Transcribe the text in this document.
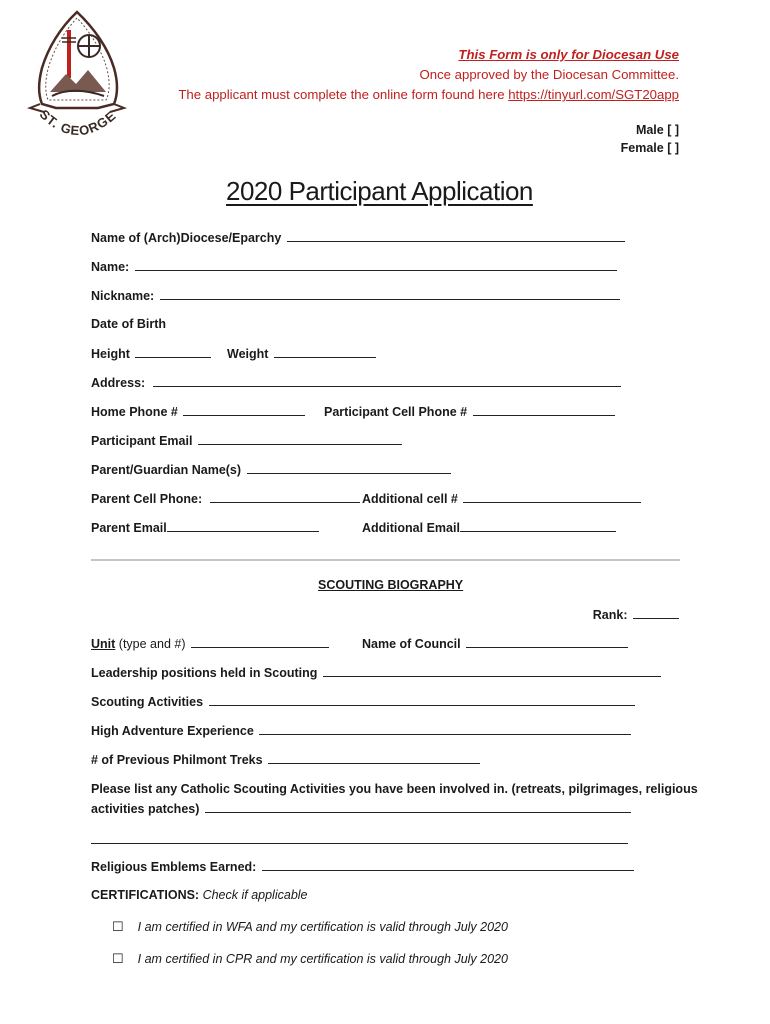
ST. GEORGE
This Form is only for Diocesan Use
Once approved by the Diocesan Committee.
The applicant must complete the online form found here https://tinyurl.com/SGT20app
Male [ ]
Female [ ]
2020 Participant Application
Name of (Arch)Diocese/Eparchy
Name:
Nickname:
Date of Birth
Height	Weight
Address:
Home Phone #	Participant Cell Phone #
Participant Email
Parent/Guardian Name(s)
Parent Cell Phone:	Additional cell #
Parent Email	Additional Email
SCOUTING BIOGRAPHY
Rank:
Unit (type and #)	Name of Council
Leadership positions held in Scouting
Scouting Activities
High Adventure Experience
# of Previous Philmont Treks
Please list any Catholic Scouting Activities you have been involved in. (retreats, pilgrimages, religious
activities patches)
Religious Emblems Earned:
CERTIFICATIONS: Check if applicable
☐ I am certified in WFA and my certification is valid through July 2020
☐ I am certified in CPR and my certification is valid through July 2020
